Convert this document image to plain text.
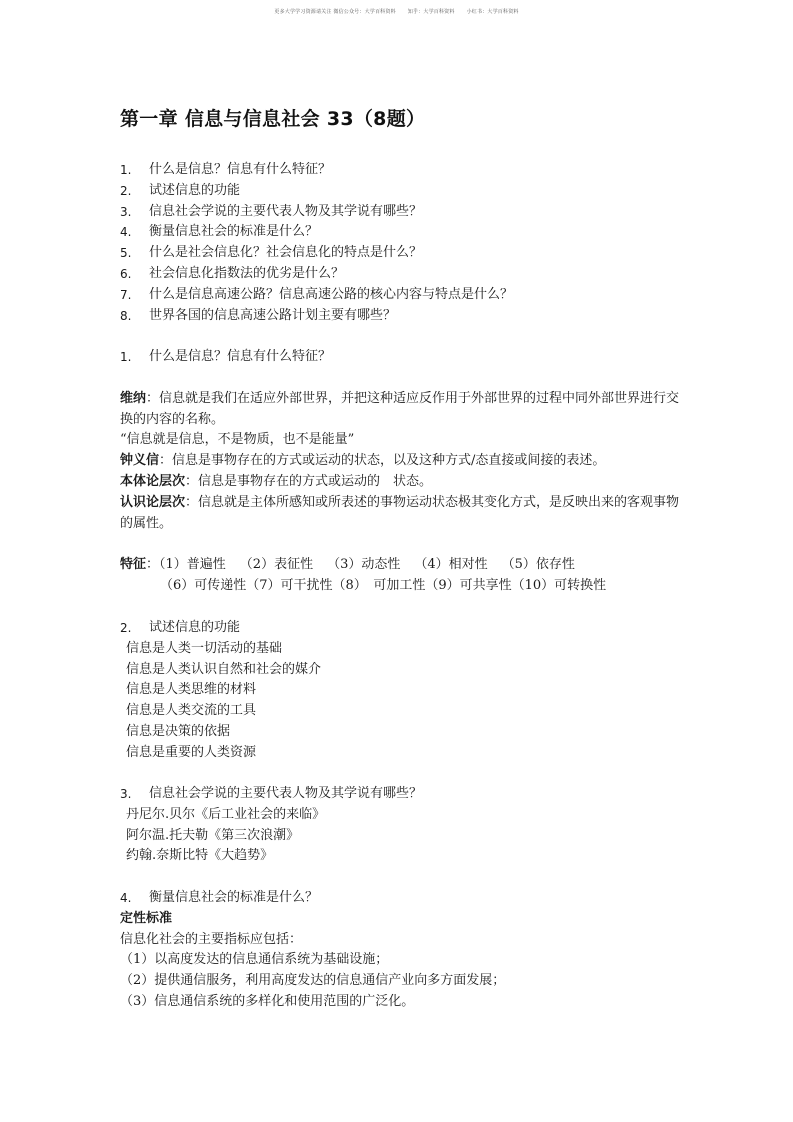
更多大学学习资源请关注 微信公众号：大学百科资料 知乎：大学百科资料 小红书：大学百科资料
第一章 信息与信息社会 33（8题）
1.	什么是信息？信息有什么特征？
2.	试述信息的功能
3.	信息社会学说的主要代表人物及其学说有哪些？
4.	衡量信息社会的标准是什么？
5.	什么是社会信息化？社会信息化的特点是什么？
6.	社会信息化指数法的优劣是什么？
7.	什么是信息高速公路？信息高速公路的核心内容与特点是什么？
8.	世界各国的信息高速公路计划主要有哪些？
1.	什么是信息？信息有什么特征？
维纳：信息就是我们在适应外部世界，并把这种适应反作用于外部世界的过程中同外部世界进行交换的内容的名称。
“信息就是信息，不是物质，也不是能量”
钟义信：信息是事物存在的方式或运动的状态，以及这种方式/态直接或间接的表述。
本体论层次：信息是事物存在的方式或运动的　状态。
认识论层次：信息就是主体所感知或所表述的事物运动状态极其变化方式，是反映出来的客观事物的属性。
特征：（1）普遍性 （2）表征性 （3）动态性 （4）相对性 （5）依存性
（6）可传递性（7）可干扰性（8）　可加工性（9）可共享性（10）可转换性
2.	试述信息的功能
信息是人类一切活动的基础
信息是人类认识自然和社会的媒介
信息是人类思维的材料
信息是人类交流的工具
信息是决策的依据
信息是重要的人类资源
3.	信息社会学说的主要代表人物及其学说有哪些？
丹尼尔.贝尔《后工业社会的来临》
阿尔温.托夫勒《第三次浪潮》
约翰.奈斯比特《大趋势》
4.	衡量信息社会的标准是什么？
定性标准
信息化社会的主要指标应包括：
（1）以高度发达的信息通信系统为基础设施；
（2）提供通信服务，利用高度发达的信息通信产业向多方面发展；
（3）信息通信系统的多样化和使用范围的广泛化。
